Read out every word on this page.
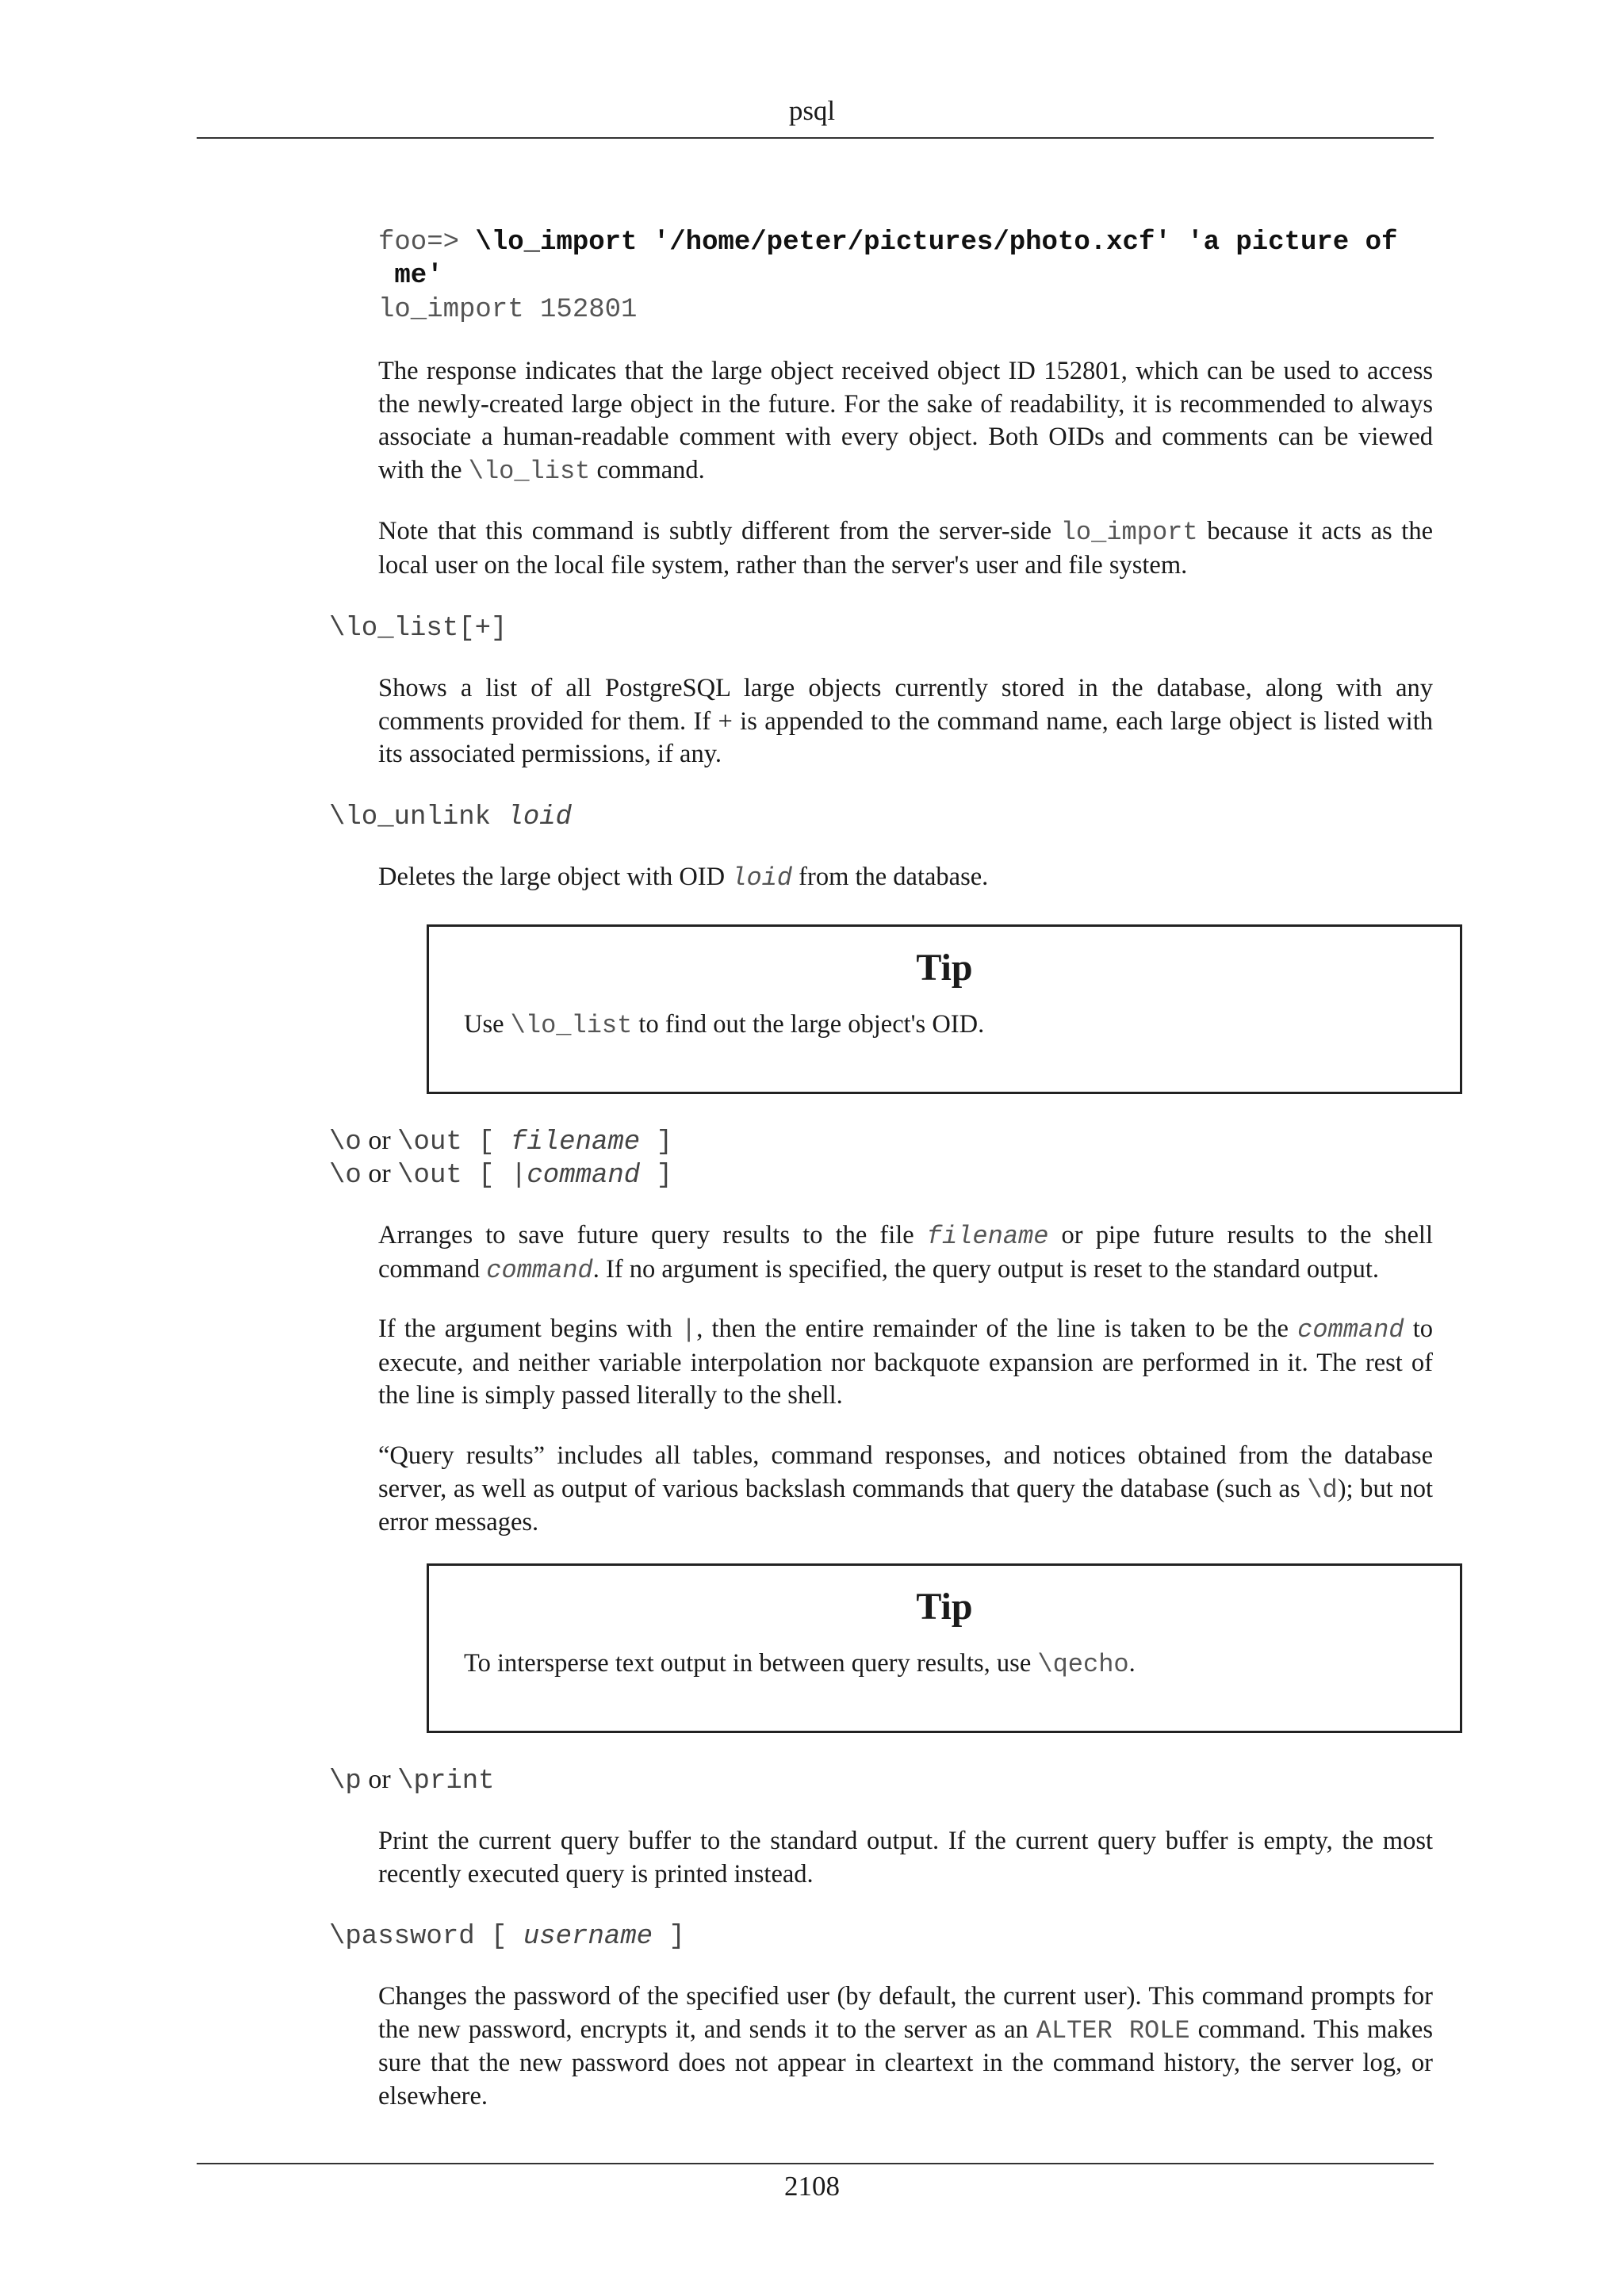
psql
foo=> \lo_import '/home/peter/pictures/photo.xcf' 'a picture of
me'
lo_import 152801
The response indicates that the large object received object ID 152801, which can be used to access the newly-created large object in the future. For the sake of readability, it is recommended to always associate a human-readable comment with every object. Both OIDs and comments can be viewed with the \lo_list command.
Note that this command is subtly different from the server-side lo_import because it acts as the local user on the local file system, rather than the server's user and file system.
\lo_list[+]
Shows a list of all PostgreSQL large objects currently stored in the database, along with any comments provided for them. If + is appended to the command name, each large object is listed with its associated permissions, if any.
\lo_unlink loid
Deletes the large object with OID loid from the database.
Tip
Use \lo_list to find out the large object's OID.
\o or \out [ filename ]
\o or \out [ |command ]
Arranges to save future query results to the file filename or pipe future results to the shell command command. If no argument is specified, the query output is reset to the standard output.
If the argument begins with |, then the entire remainder of the line is taken to be the command to execute, and neither variable interpolation nor backquote expansion are performed in it. The rest of the line is simply passed literally to the shell.
“Query results” includes all tables, command responses, and notices obtained from the database server, as well as output of various backslash commands that query the database (such as \d); but not error messages.
Tip
To intersperse text output in between query results, use \qecho.
\p or \print
Print the current query buffer to the standard output. If the current query buffer is empty, the most recently executed query is printed instead.
\password [ username ]
Changes the password of the specified user (by default, the current user). This command prompts for the new password, encrypts it, and sends it to the server as an ALTER ROLE command. This makes sure that the new password does not appear in cleartext in the command history, the server log, or elsewhere.
2108
